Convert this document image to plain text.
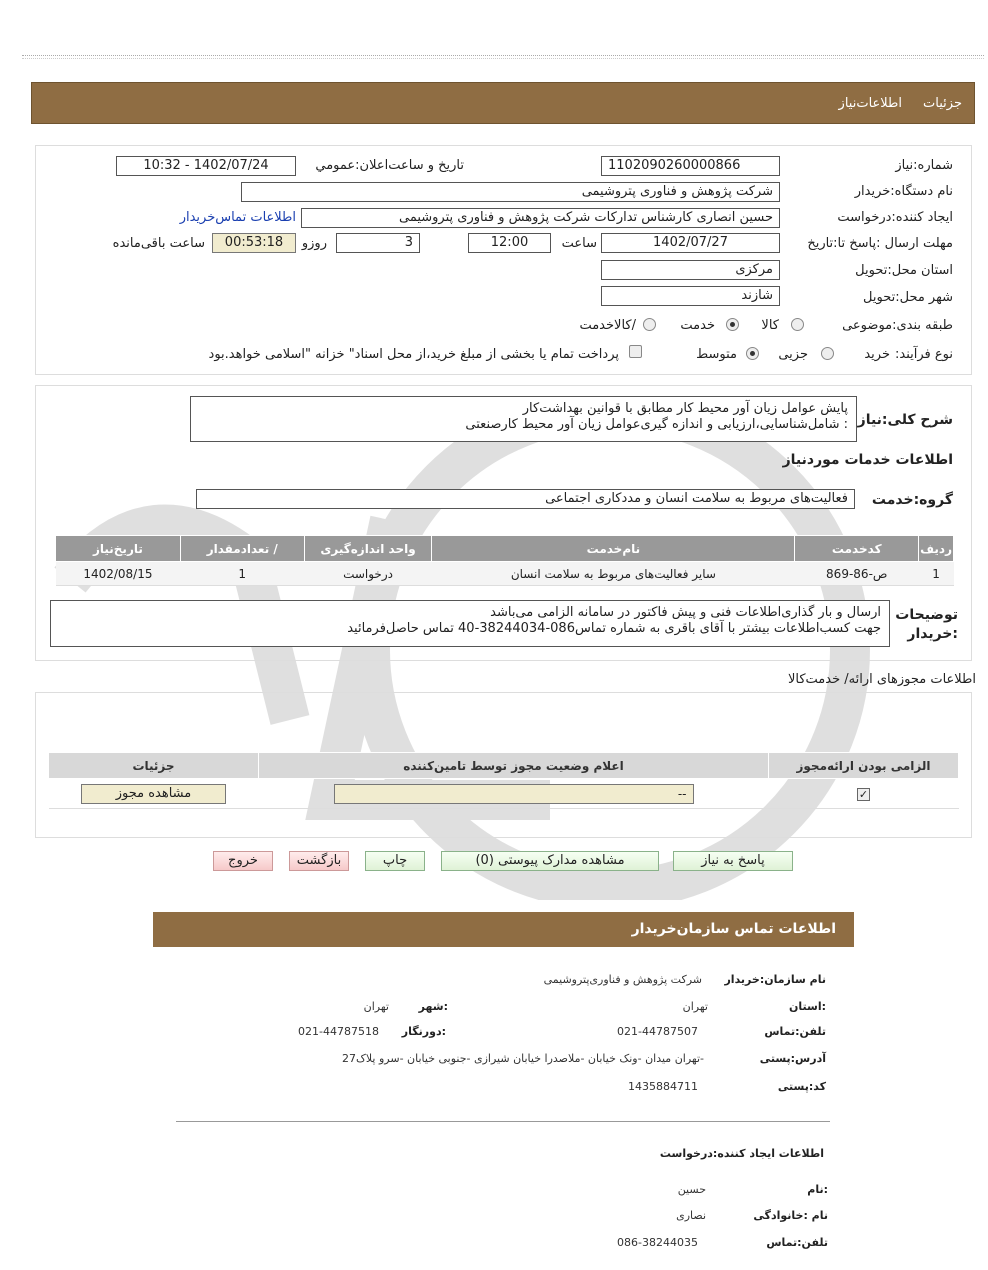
جزئيات
اطلاعات‌نیاز
شماره:نیاز
1102090260000866
تاریخ و ساعت‌اعلان:عمومي
1402/07/24 - 10:32
نام دستگاه:خریدار
شرکت پژوهش و فناوری پتروشیمی
ایجاد کننده:درخواست
حسین انصاری کارشناس تدارکات شرکت پژوهش و فناوری پتروشیمی
اطلاعات تماس‌خریدار
مهلت ارسال :پاسخ تا:تاریخ
1402/07/27
ساعت
12:00
3
روزو
00:53:18
ساعت باقی‌مانده
استان محل:تحویل
مرکزی
شهر محل:تحویل
شازند
طبقه بندی:موضوعی
کالا
خدمت
/کالاخدمت
نوع فرآیند:
خرید
جزیی
متوسط
پرداخت تمام یا بخشی از مبلغ خرید،از محل اسناد" خزانه "اسلامی خواهد.بود
شرح کلی:نیاز
پایش عوامل زیان آور محیط کار مطابق با قوانین بهداشت‌کار
: شامل‌شناسایی،ارزیابی و اندازه گیری‌عوامل زیان آور محیط کارصنعتی
اطلاعات خدمات موردنیاز
گروه:خدمت
فعالیت‌های مربوط به سلامت انسان و مددکاری اجتماعی
ردیف	کدخدمت	نام‌خدمت	واحد اندازه‌گیری	/ تعدادمقدار	تاریخ‌نیاز
1	ص-86-869	سایر فعالیت‌های مربوط به سلامت انسان	درخواست	1	1402/08/15
توضیحات
:خریدار
ارسال و بار گذاری‌اطلاعات فنی و پیش فاکتور در سامانه الزامی می‌باشد
جهت کسب‌اطلاعات بیشتر با آقای باقری به شماره تماس086-38244034-40 تماس حاصل‌فرمائید
اطلاعات مجوزهای ارائه/ خدمت‌کالا
الزامی بودن ارائه‌مجوز	اعلام وضعیت مجوز توسط تامین‌کننده	جزئیات
✓	--	مشاهده مجوز
پاسخ به نیاز
مشاهده مدارک پیوستی (0)
چاپ
بازگشت
خروج
اطلاعات تماس سازمان‌خریدار
نام سازمان:خریدار
شرکت پژوهش و فناوری‌پتروشیمی
:استان
تهران
:شهر
تهران
تلفن:تماس
021-44787507
:دورنگار
021-44787518
آدرس:پستی
-تهران میدان -ونک خیابان -ملاصدرا خیابان شیرازی -جنوبی خیابان -سرو پلاک27
کد:پستی
1435884711
اطلاعات ایجاد کننده:درخواست
:نام
حسین
نام :خانوادگی
نصاری
تلفن:تماس
086-38244035
